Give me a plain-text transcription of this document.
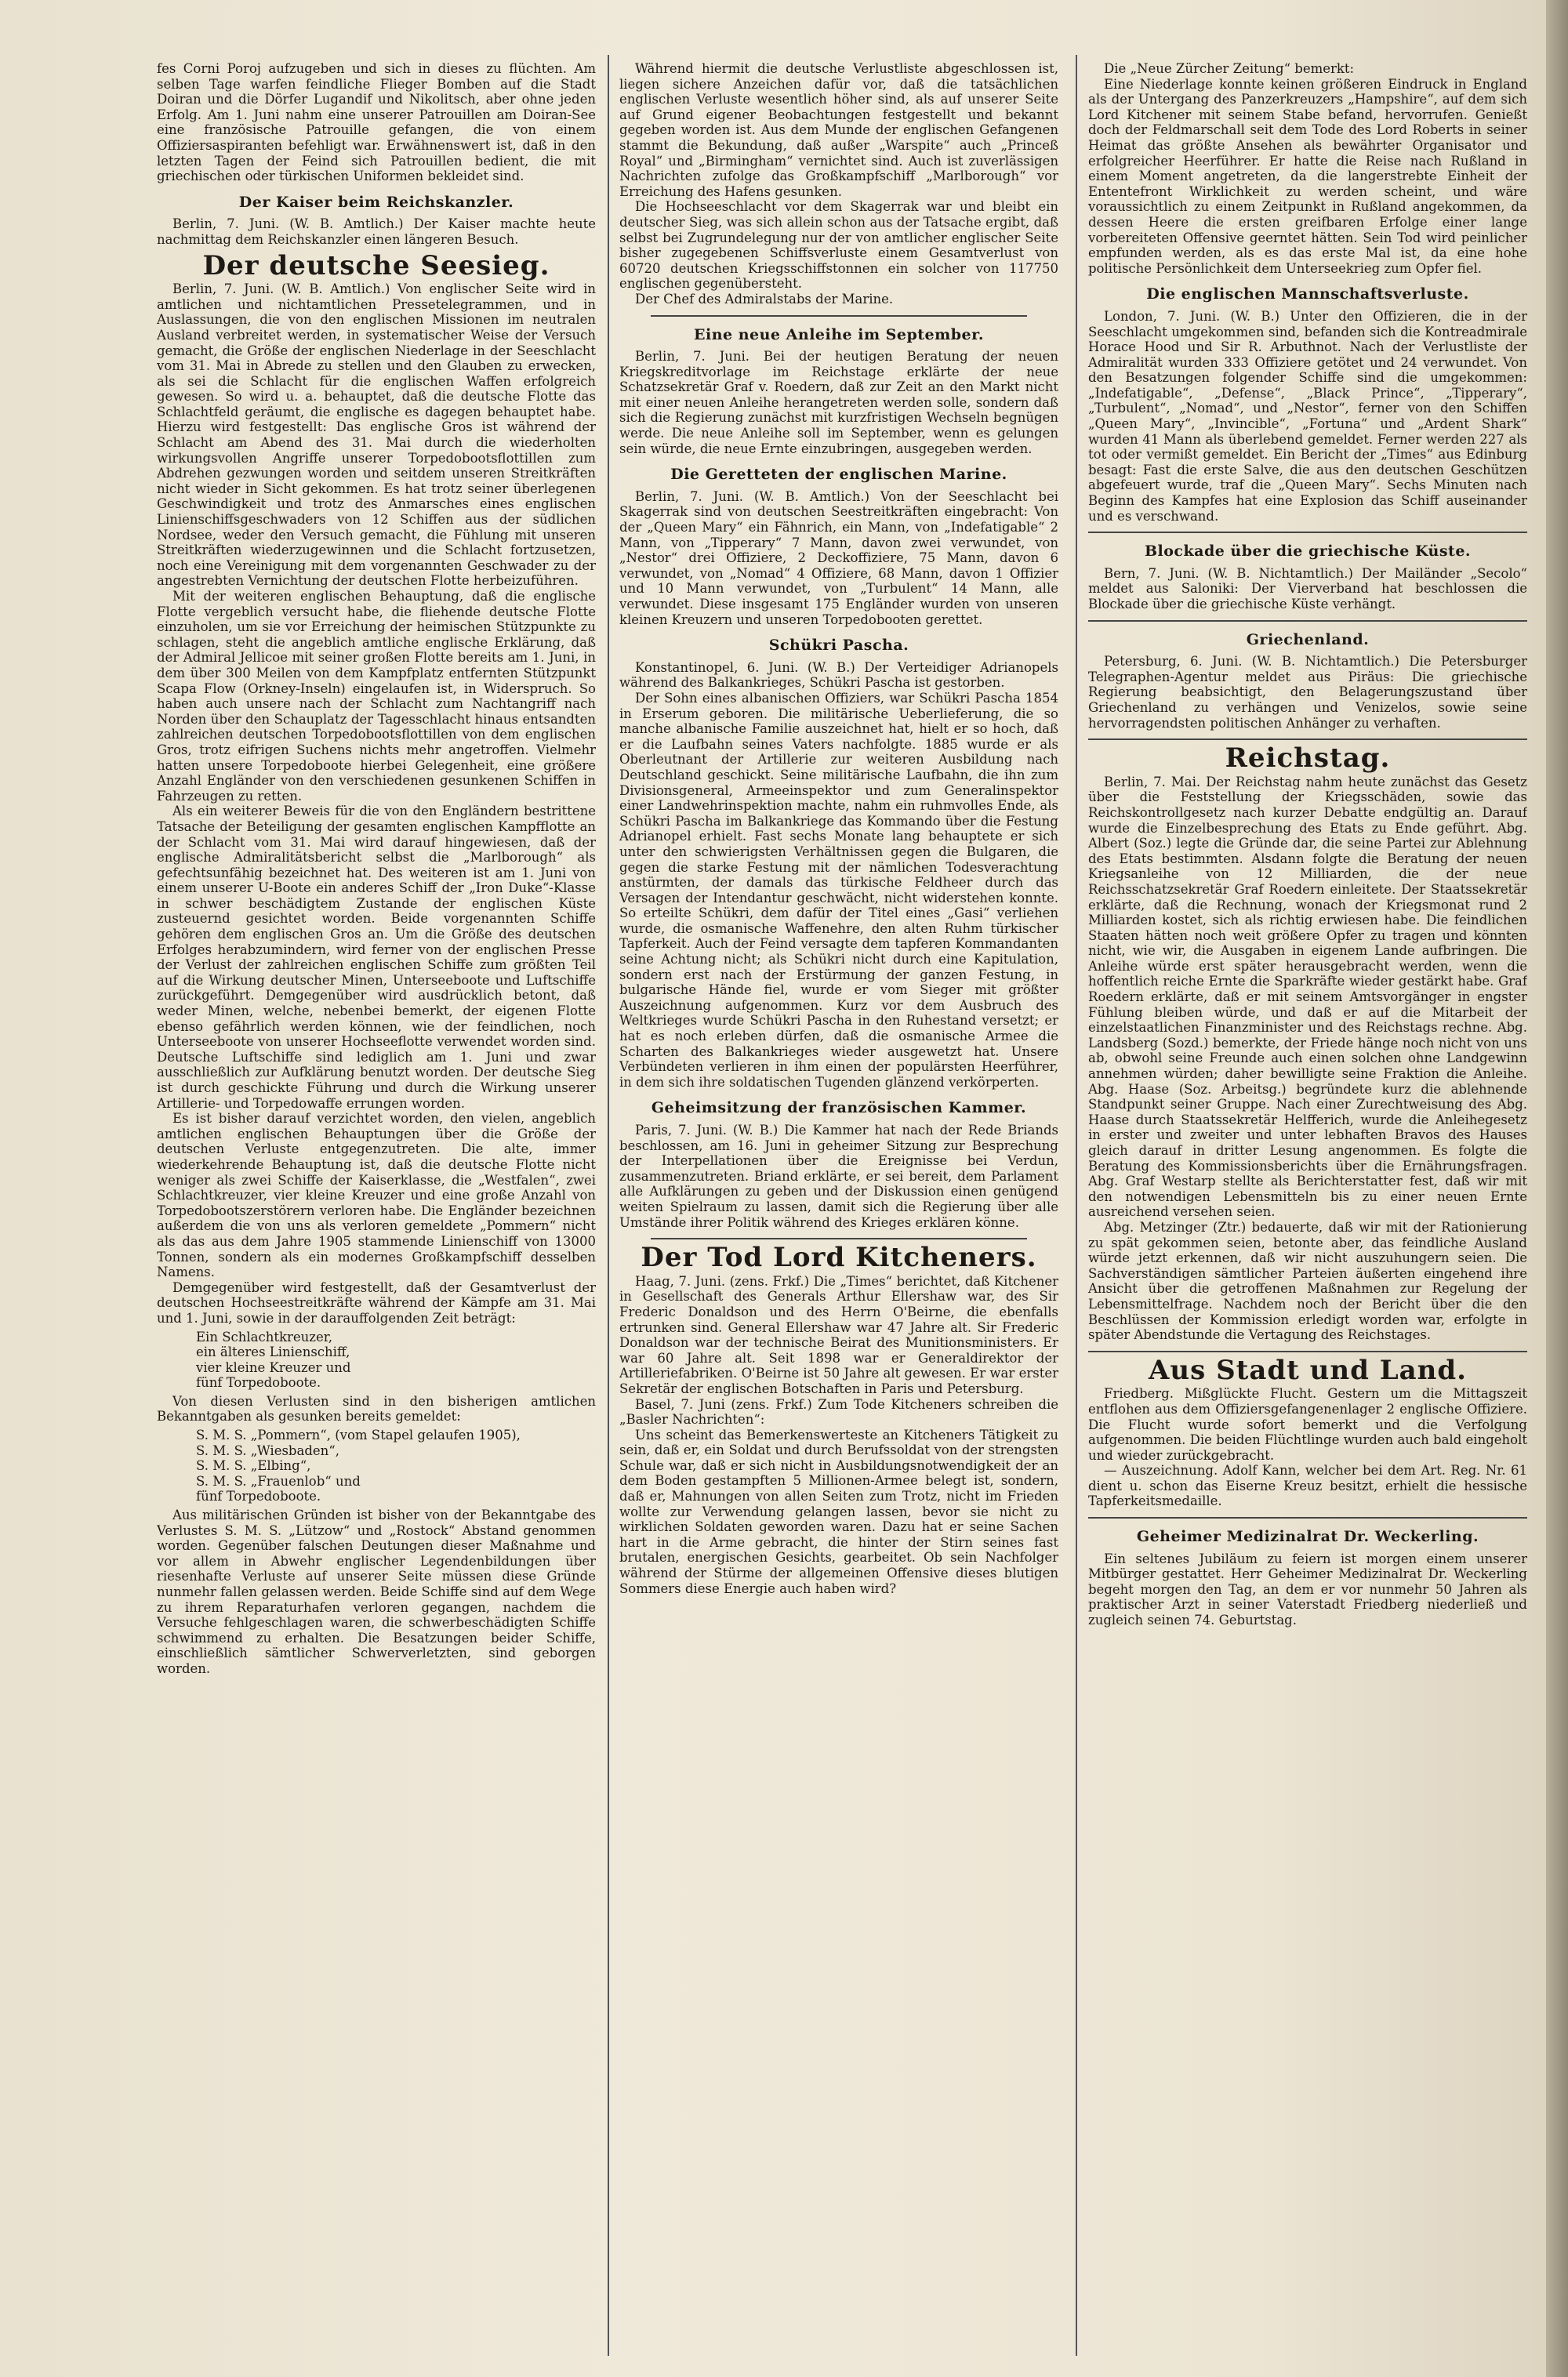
fes Corni Poroj aufzugeben und sich in dieses zu flüchten. Am selben Tage warfen feindliche Flieger Bomben auf die Stadt Doiran und die Dörfer Lugandif und Nikolitsch, aber ohne jeden Erfolg. Am 1. Juni nahm eine unserer Patrouillen am Doiran-See eine französische Patrouille gefangen, die von einem Offiziersaspiranten befehligt war. Erwähnenswert ist, daß in den letzten Tagen der Feind sich Patrouillen bedient, die mit griechischen oder türkischen Uniformen bekleidet sind.

Der Kaiser beim Reichskanzler.

Berlin, 7. Juni. (W. B. Amtlich.) Der Kaiser machte heute nachmittag dem Reichskanzler einen längeren Besuch.

Der deutsche Seesieg.

Berlin, 7. Juni. (W. B. Amtlich.) Von englischer Seite wird in amtlichen und nichtamtlichen Pressetelegrammen, und in Auslassungen, die von den englischen Missionen im neutralen Ausland verbreitet werden, in systematischer Weise der Versuch gemacht, die Größe der englischen Niederlage in der Seeschlacht vom 31. Mai in Abrede zu stellen und den Glauben zu erwecken, als sei die Schlacht für die englischen Waffen erfolgreich gewesen. So wird u. a. behauptet, daß die deutsche Flotte das Schlachtfeld geräumt, die englische es dagegen behauptet habe. Hierzu wird festgestellt: Das englische Gros ist während der Schlacht am Abend des 31. Mai durch die wiederholten wirkungsvollen Angriffe unserer Torpedobootsflottillen zum Abdrehen gezwungen worden und seitdem unseren Streitkräften nicht wieder in Sicht gekommen. Es hat trotz seiner überlegenen Geschwindigkeit und trotz des Anmarsches eines englischen Linienschiffsgeschwaders von 12 Schiffen aus der südlichen Nordsee, weder den Versuch gemacht, die Fühlung mit unseren Streitkräften wiederzugewinnen und die Schlacht fortzusetzen, noch eine Vereinigung mit dem vorgenannten Geschwader zu der angestrebten Vernichtung der deutschen Flotte herbeizuführen.

Mit der weiteren englischen Behauptung, daß die englische Flotte vergeblich versucht habe, die fliehende deutsche Flotte einzuholen, um sie vor Erreichung der heimischen Stützpunkte zu schlagen, steht die angeblich amtliche englische Erklärung, daß der Admiral Jellicoe mit seiner großen Flotte bereits am 1. Juni, in dem über 300 Meilen von dem Kampfplatz entfernten Stützpunkt Scapa Flow (Orkney-Inseln) eingelaufen ist, in Widerspruch. So haben auch unsere nach der Schlacht zum Nachtangriff nach Norden über den Schauplatz der Tagesschlacht hinaus entsandten zahlreichen deutschen Torpedobootsflottillen von dem englischen Gros, trotz eifrigen Suchens nichts mehr angetroffen. Vielmehr hatten unsere Torpedoboote hierbei Gelegenheit, eine größere Anzahl Engländer von den verschiedenen gesunkenen Schiffen in Fahrzeugen zu retten.

Als ein weiterer Beweis für die von den Engländern bestrittene Tatsache der Beteiligung der gesamten englischen Kampfflotte an der Schlacht vom 31. Mai wird darauf hingewiesen, daß der englische Admiralitätsbericht selbst die „Marlborough“ als gefechtsunfähig bezeichnet hat. Des weiteren ist am 1. Juni von einem unserer U-Boote ein anderes Schiff der „Iron Duke“-Klasse in schwer beschädigtem Zustande der englischen Küste zusteuernd gesichtet worden. Beide vorgenannten Schiffe gehören dem englischen Gros an. Um die Größe des deutschen Erfolges herabzumindern, wird ferner von der englischen Presse der Verlust der zahlreichen englischen Schiffe zum größten Teil auf die Wirkung deutscher Minen, Unterseeboote und Luftschiffe zurückgeführt. Demgegenüber wird ausdrücklich betont, daß weder Minen, welche, nebenbei bemerkt, der eigenen Flotte ebenso gefährlich werden können, wie der feindlichen, noch Unterseeboote von unserer Hochseeflotte verwendet worden sind. Deutsche Luftschiffe sind lediglich am 1. Juni und zwar ausschließlich zur Aufklärung benutzt worden. Der deutsche Sieg ist durch geschickte Führung und durch die Wirkung unserer Artillerie- und Torpedowaffe errungen worden.

Es ist bisher darauf verzichtet worden, den vielen, angeblich amtlichen englischen Behauptungen über die Größe der deutschen Verluste entgegenzutreten. Die alte, immer wiederkehrende Behauptung ist, daß die deutsche Flotte nicht weniger als zwei Schiffe der Kaiserklasse, die „Westfalen“, zwei Schlachtkreuzer, vier kleine Kreuzer und eine große Anzahl von Torpedobootszerstörern verloren habe. Die Engländer bezeichnen außerdem die von uns als verloren gemeldete „Pommern“ nicht als das aus dem Jahre 1905 stammende Linienschiff von 13000 Tonnen, sondern als ein modernes Großkampfschiff desselben Namens.

Demgegenüber wird festgestellt, daß der Gesamtverlust der deutschen Hochseestreitkräfte während der Kämpfe am 31. Mai und 1. Juni, sowie in der darauffolgenden Zeit beträgt:

Ein Schlachtkreuzer,
ein älteres Linienschiff,
vier kleine Kreuzer und
fünf Torpedoboote.

Von diesen Verlusten sind in den bisherigen amtlichen Bekanntgaben als gesunken bereits gemeldet:

S. M. S. „Pommern“, (vom Stapel gelaufen 1905),
S. M. S. „Wiesbaden“,
S. M. S. „Elbing“,
S. M. S. „Frauenlob“ und
fünf Torpedoboote.

Aus militärischen Gründen ist bisher von der Bekanntgabe des Verlustes S. M. S. „Lützow“ und „Rostock“ Abstand genommen worden. Gegenüber falschen Deutungen dieser Maßnahme und vor allem in Abwehr englischer Legendenbildungen über riesenhafte Verluste auf unserer Seite müssen diese Gründe nunmehr fallen gelassen werden. Beide Schiffe sind auf dem Wege zu ihrem Reparaturhafen verloren gegangen, nachdem die Versuche fehlgeschlagen waren, die schwerbeschädigten Schiffe schwimmend zu erhalten. Die Besatzungen beider Schiffe, einschließlich sämtlicher Schwerverletzten, sind geborgen worden.

Während hiermit die deutsche Verlustliste abgeschlossen ist, liegen sichere Anzeichen dafür vor, daß die tatsächlichen englischen Verluste wesentlich höher sind, als auf unserer Seite auf Grund eigener Beobachtungen festgestellt und bekannt gegeben worden ist. Aus dem Munde der englischen Gefangenen stammt die Bekundung, daß außer „Warspite“ auch „Princeß Royal“ und „Birmingham“ vernichtet sind. Auch ist zuverlässigen Nachrichten zufolge das Großkampfschiff „Marlborough“ vor Erreichung des Hafens gesunken.

Die Hochseeschlacht vor dem Skagerrak war und bleibt ein deutscher Sieg, was sich allein schon aus der Tatsache ergibt, daß selbst bei Zugrundelegung nur der von amtlicher englischer Seite bisher zugegebenen Schiffsverluste einem Gesamtverlust von 60720 deutschen Kriegsschiffstonnen ein solcher von 117750 englischen gegenübersteht.

Der Chef des Admiralstabs der Marine.

Eine neue Anleihe im September.

Berlin, 7. Juni. Bei der heutigen Beratung der neuen Kriegskreditvorlage im Reichstage erklärte der neue Schatzsekretär Graf v. Roedern, daß zur Zeit an den Markt nicht mit einer neuen Anleihe herangetreten werden solle, sondern daß sich die Regierung zunächst mit kurzfristigen Wechseln begnügen werde. Die neue Anleihe soll im September, wenn es gelungen sein würde, die neue Ernte einzubringen, ausgegeben werden.

Die Geretteten der englischen Marine.

Berlin, 7. Juni. (W. B. Amtlich.) Von der Seeschlacht bei Skagerrak sind von deutschen Seestreitkräften eingebracht: Von der „Queen Mary“ ein Fähnrich, ein Mann, von „Indefatigable“ 2 Mann, von „Tipperary“ 7 Mann, davon zwei verwundet, von „Nestor“ drei Offiziere, 2 Deckoffiziere, 75 Mann, davon 6 verwundet, von „Nomad“ 4 Offiziere, 68 Mann, davon 1 Offizier und 10 Mann verwundet, von „Turbulent“ 14 Mann, alle verwundet. Diese insgesamt 175 Engländer wurden von unseren kleinen Kreuzern und unseren Torpedobooten gerettet.

Schükri Pascha.

Konstantinopel, 6. Juni. (W. B.) Der Verteidiger Adrianopels während des Balkankrieges, Schükri Pascha ist gestorben.

Der Sohn eines albanischen Offiziers, war Schükri Pascha 1854 in Erserum geboren. Die militärische Ueberlieferung, die so manche albanische Familie auszeichnet hat, hielt er so hoch, daß er die Laufbahn seines Vaters nachfolgte. 1885 wurde er als Oberleutnant der Artillerie zur weiteren Ausbildung nach Deutschland geschickt. Seine militärische Laufbahn, die ihn zum Divisionsgeneral, Armeeinspektor und zum Generalinspektor einer Landwehrinspektion machte, nahm ein ruhmvolles Ende, als Schükri Pascha im Balkankriege das Kommando über die Festung Adrianopel erhielt. Fast sechs Monate lang behauptete er sich unter den schwierigsten Verhältnissen gegen die Bulgaren, die gegen die starke Festung mit der nämlichen Todesverachtung anstürmten, der damals das türkische Feldheer durch das Versagen der Intendantur geschwächt, nicht widerstehen konnte. So erteilte Schükri, dem dafür der Titel eines „Gasi“ verliehen wurde, die osmanische Waffenehre, den alten Ruhm türkischer Tapferkeit. Auch der Feind versagte dem tapferen Kommandanten seine Achtung nicht; als Schükri nicht durch eine Kapitulation, sondern erst nach der Erstürmung der ganzen Festung, in bulgarische Hände fiel, wurde er vom Sieger mit größter Auszeichnung aufgenommen. Kurz vor dem Ausbruch des Weltkrieges wurde Schükri Pascha in den Ruhestand versetzt; er hat es noch erleben dürfen, daß die osmanische Armee die Scharten des Balkankrieges wieder ausgewetzt hat. Unsere Verbündeten verlieren in ihm einen der populärsten Heerführer, in dem sich ihre soldatischen Tugenden glänzend verkörperten.

Geheimsitzung der französischen Kammer.

Paris, 7. Juni. (W. B.) Die Kammer hat nach der Rede Briands beschlossen, am 16. Juni in geheimer Sitzung zur Besprechung der Interpellationen über die Ereignisse bei Verdun, zusammenzutreten. Briand erklärte, er sei bereit, dem Parlament alle Aufklärungen zu geben und der Diskussion einen genügend weiten Spielraum zu lassen, damit sich die Regierung über alle Umstände ihrer Politik während des Krieges erklären könne.

Der Tod Lord Kitcheners.

Haag, 7. Juni. (zens. Frkf.) Die „Times“ berichtet, daß Kitchener in Gesellschaft des Generals Arthur Ellershaw war, des Sir Frederic Donaldson und des Herrn O'Beirne, die ebenfalls ertrunken sind. General Ellershaw war 47 Jahre alt. Sir Frederic Donaldson war der technische Beirat des Munitionsministers. Er war 60 Jahre alt. Seit 1898 war er Generaldirektor der Artilleriefabriken. O'Beirne ist 50 Jahre alt gewesen. Er war erster Sekretär der englischen Botschaften in Paris und Petersburg.

Basel, 7. Juni (zens. Frkf.) Zum Tode Kitcheners schreiben die „Basler Nachrichten“:

Uns scheint das Bemerkenswerteste an Kitcheners Tätigkeit zu sein, daß er, ein Soldat und durch Berufssoldat von der strengsten Schule war, daß er sich nicht in Ausbildungsnotwendigkeit der an dem Boden gestampften 5 Millionen-Armee belegt ist, sondern, daß er, Mahnungen von allen Seiten zum Trotz, nicht im Frieden wollte zur Verwendung gelangen lassen, bevor sie nicht zu wirklichen Soldaten geworden waren. Dazu hat er seine Sachen hart in die Arme gebracht, die hinter der Stirn seines fast brutalen, energischen Gesichts, gearbeitet. Ob sein Nachfolger während der Stürme der allgemeinen Offensive dieses blutigen Sommers diese Energie auch haben wird?

Die „Neue Zürcher Zeitung“ bemerkt:

Eine Niederlage konnte keinen größeren Eindruck in England als der Untergang des Panzerkreuzers „Hampshire“, auf dem sich Lord Kitchener mit seinem Stabe befand, hervorrufen. Genießt doch der Feldmarschall seit dem Tode des Lord Roberts in seiner Heimat das größte Ansehen als bewährter Organisator und erfolgreicher Heerführer. Er hatte die Reise nach Rußland in einem Moment angetreten, da die langerstrebte Einheit der Ententefront Wirklichkeit zu werden scheint, und wäre voraussichtlich zu einem Zeitpunkt in Rußland angekommen, da dessen Heere die ersten greifbaren Erfolge einer lange vorbereiteten Offensive geerntet hätten. Sein Tod wird peinlicher empfunden werden, als es das erste Mal ist, da eine hohe politische Persönlichkeit dem Unterseekrieg zum Opfer fiel.

Die englischen Mannschaftsverluste.

London, 7. Juni. (W. B.) Unter den Offizieren, die in der Seeschlacht umgekommen sind, befanden sich die Kontreadmirale Horace Hood und Sir R. Arbuthnot. Nach der Verlustliste der Admiralität wurden 333 Offiziere getötet und 24 verwundet. Von den Besatzungen folgender Schiffe sind die umgekommen: „Indefatigable“, „Defense“, „Black Prince“, „Tipperary“, „Turbulent“, „Nomad“, und „Nestor“, ferner von den Schiffen „Queen Mary“, „Invincible“, „Fortuna“ und „Ardent Shark“ wurden 41 Mann als überlebend gemeldet. Ferner werden 227 als tot oder vermißt gemeldet. Ein Bericht der „Times“ aus Edinburg besagt: Fast die erste Salve, die aus den deutschen Geschützen abgefeuert wurde, traf die „Queen Mary“. Sechs Minuten nach Beginn des Kampfes hat eine Explosion das Schiff auseinander und es verschwand.

Blockade über die griechische Küste.

Bern, 7. Juni. (W. B. Nichtamtlich.) Der Mailänder „Secolo“ meldet aus Saloniki: Der Vierverband hat beschlossen die Blockade über die griechische Küste verhängt.

Griechenland.

Petersburg, 6. Juni. (W. B. Nichtamtlich.) Die Petersburger Telegraphen-Agentur meldet aus Piräus: Die griechische Regierung beabsichtigt, den Belagerungszustand über Griechenland zu verhängen und Venizelos, sowie seine hervorragendsten politischen Anhänger zu verhaften.

Reichstag.

Berlin, 7. Mai. Der Reichstag nahm heute zunächst das Gesetz über die Feststellung der Kriegsschäden, sowie das Reichskontrollgesetz nach kurzer Debatte endgültig an. Darauf wurde die Einzelbesprechung des Etats zu Ende geführt. Abg. Albert (Soz.) legte die Gründe dar, die seine Partei zur Ablehnung des Etats bestimmten. Alsdann folgte die Beratung der neuen Kriegsanleihe von 12 Milliarden, die der neue Reichsschatzsekretär Graf Roedern einleitete. Der Staatssekretär erklärte, daß die Rechnung, wonach der Kriegsmonat rund 2 Milliarden kostet, sich als richtig erwiesen habe. Die feindlichen Staaten hätten noch weit größere Opfer zu tragen und könnten nicht, wie wir, die Ausgaben in eigenem Lande aufbringen. Die Anleihe würde erst später herausgebracht werden, wenn die hoffentlich reiche Ernte die Sparkräfte wieder gestärkt habe. Graf Roedern erklärte, daß er mit seinem Amtsvorgänger in engster Fühlung bleiben würde, und daß er auf die Mitarbeit der einzelstaatlichen Finanzminister und des Reichstags rechne. Abg. Landsberg (Sozd.) bemerkte, der Friede hänge noch nicht von uns ab, obwohl seine Freunde auch einen solchen ohne Landgewinn annehmen würden; daher bewilligte seine Fraktion die Anleihe. Abg. Haase (Soz. Arbeitsg.) begründete kurz die ablehnende Standpunkt seiner Gruppe. Nach einer Zurechtweisung des Abg. Haase durch Staatssekretär Helfferich, wurde die Anleihegesetz in erster und zweiter und unter lebhaften Bravos des Hauses gleich darauf in dritter Lesung angenommen. Es folgte die Beratung des Kommissionsberichts über die Ernährungsfragen. Abg. Graf Westarp stellte als Berichterstatter fest, daß wir mit den notwendigen Lebensmitteln bis zu einer neuen Ernte ausreichend versehen seien.

Abg. Metzinger (Ztr.) bedauerte, daß wir mit der Rationierung zu spät gekommen seien, betonte aber, das feindliche Ausland würde jetzt erkennen, daß wir nicht auszuhungern seien. Die Sachverständigen sämtlicher Parteien äußerten eingehend ihre Ansicht über die getroffenen Maßnahmen zur Regelung der Lebensmittelfrage. Nachdem noch der Bericht über die den Beschlüssen der Kommission erledigt worden war, erfolgte in später Abendstunde die Vertagung des Reichstages.

Aus Stadt und Land.

Friedberg. Mißglückte Flucht. Gestern um die Mittagszeit entflohen aus dem Offiziersgefangenenlager 2 englische Offiziere. Die Flucht wurde sofort bemerkt und die Verfolgung aufgenommen. Die beiden Flüchtlinge wurden auch bald eingeholt und wieder zurückgebracht.

— Auszeichnung. Adolf Kann, welcher bei dem Art. Reg. Nr. 61 dient u. schon das Eiserne Kreuz besitzt, erhielt die hessische Tapferkeitsmedaille.

Geheimer Medizinalrat Dr. Weckerling.

Ein seltenes Jubiläum zu feiern ist morgen einem unserer Mitbürger gestattet. Herr Geheimer Medizinalrat Dr. Weckerling begeht morgen den Tag, an dem er vor nunmehr 50 Jahren als praktischer Arzt in seiner Vaterstadt Friedberg niederließ und zugleich seinen 74. Geburtstag.
